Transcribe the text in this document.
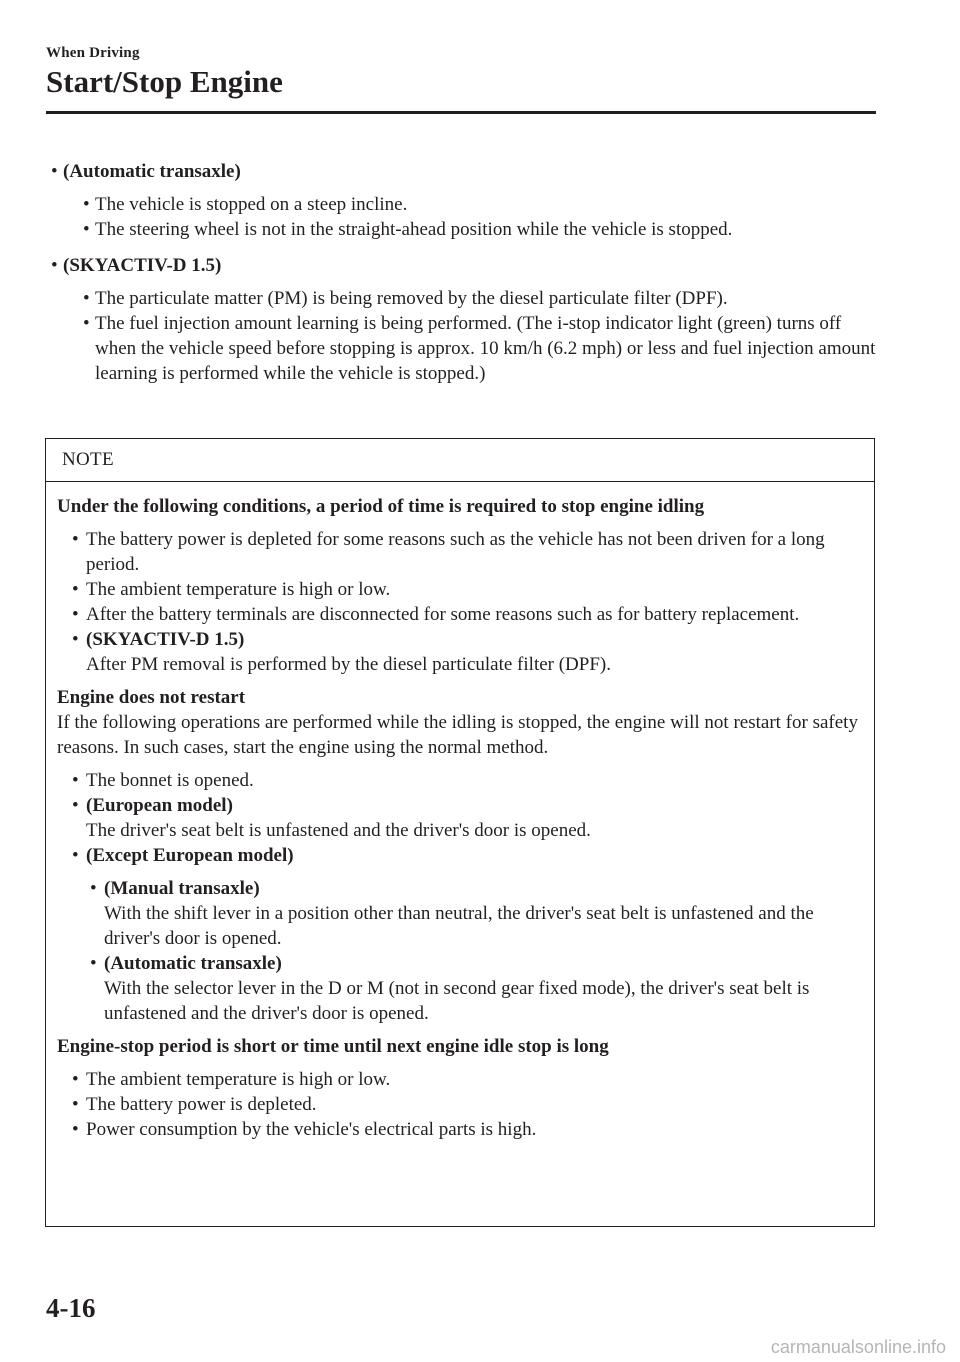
When Driving
Start/Stop Engine
• (Automatic transaxle)
• The vehicle is stopped on a steep incline.
• The steering wheel is not in the straight-ahead position while the vehicle is stopped.
• (SKYACTIV-D 1.5)
• The particulate matter (PM) is being removed by the diesel particulate filter (DPF).
• The fuel injection amount learning is being performed. (The i-stop indicator light (green) turns off when the vehicle speed before stopping is approx. 10 km/h (6.2 mph) or less and fuel injection amount learning is performed while the vehicle is stopped.)
NOTE
Under the following conditions, a period of time is required to stop engine idling
• The battery power is depleted for some reasons such as the vehicle has not been driven for a long period.
• The ambient temperature is high or low.
• After the battery terminals are disconnected for some reasons such as for battery replacement.
• (SKYACTIV-D 1.5)
After PM removal is performed by the diesel particulate filter (DPF).
Engine does not restart
If the following operations are performed while the idling is stopped, the engine will not restart for safety reasons. In such cases, start the engine using the normal method.
• The bonnet is opened.
• (European model)
The driver's seat belt is unfastened and the driver's door is opened.
• (Except European model)
• (Manual transaxle)
With the shift lever in a position other than neutral, the driver's seat belt is unfastened and the driver's door is opened.
• (Automatic transaxle)
With the selector lever in the D or M (not in second gear fixed mode), the driver's seat belt is unfastened and the driver's door is opened.
Engine-stop period is short or time until next engine idle stop is long
• The ambient temperature is high or low.
• The battery power is depleted.
• Power consumption by the vehicle's electrical parts is high.
4-16
carmanualsonline.info
